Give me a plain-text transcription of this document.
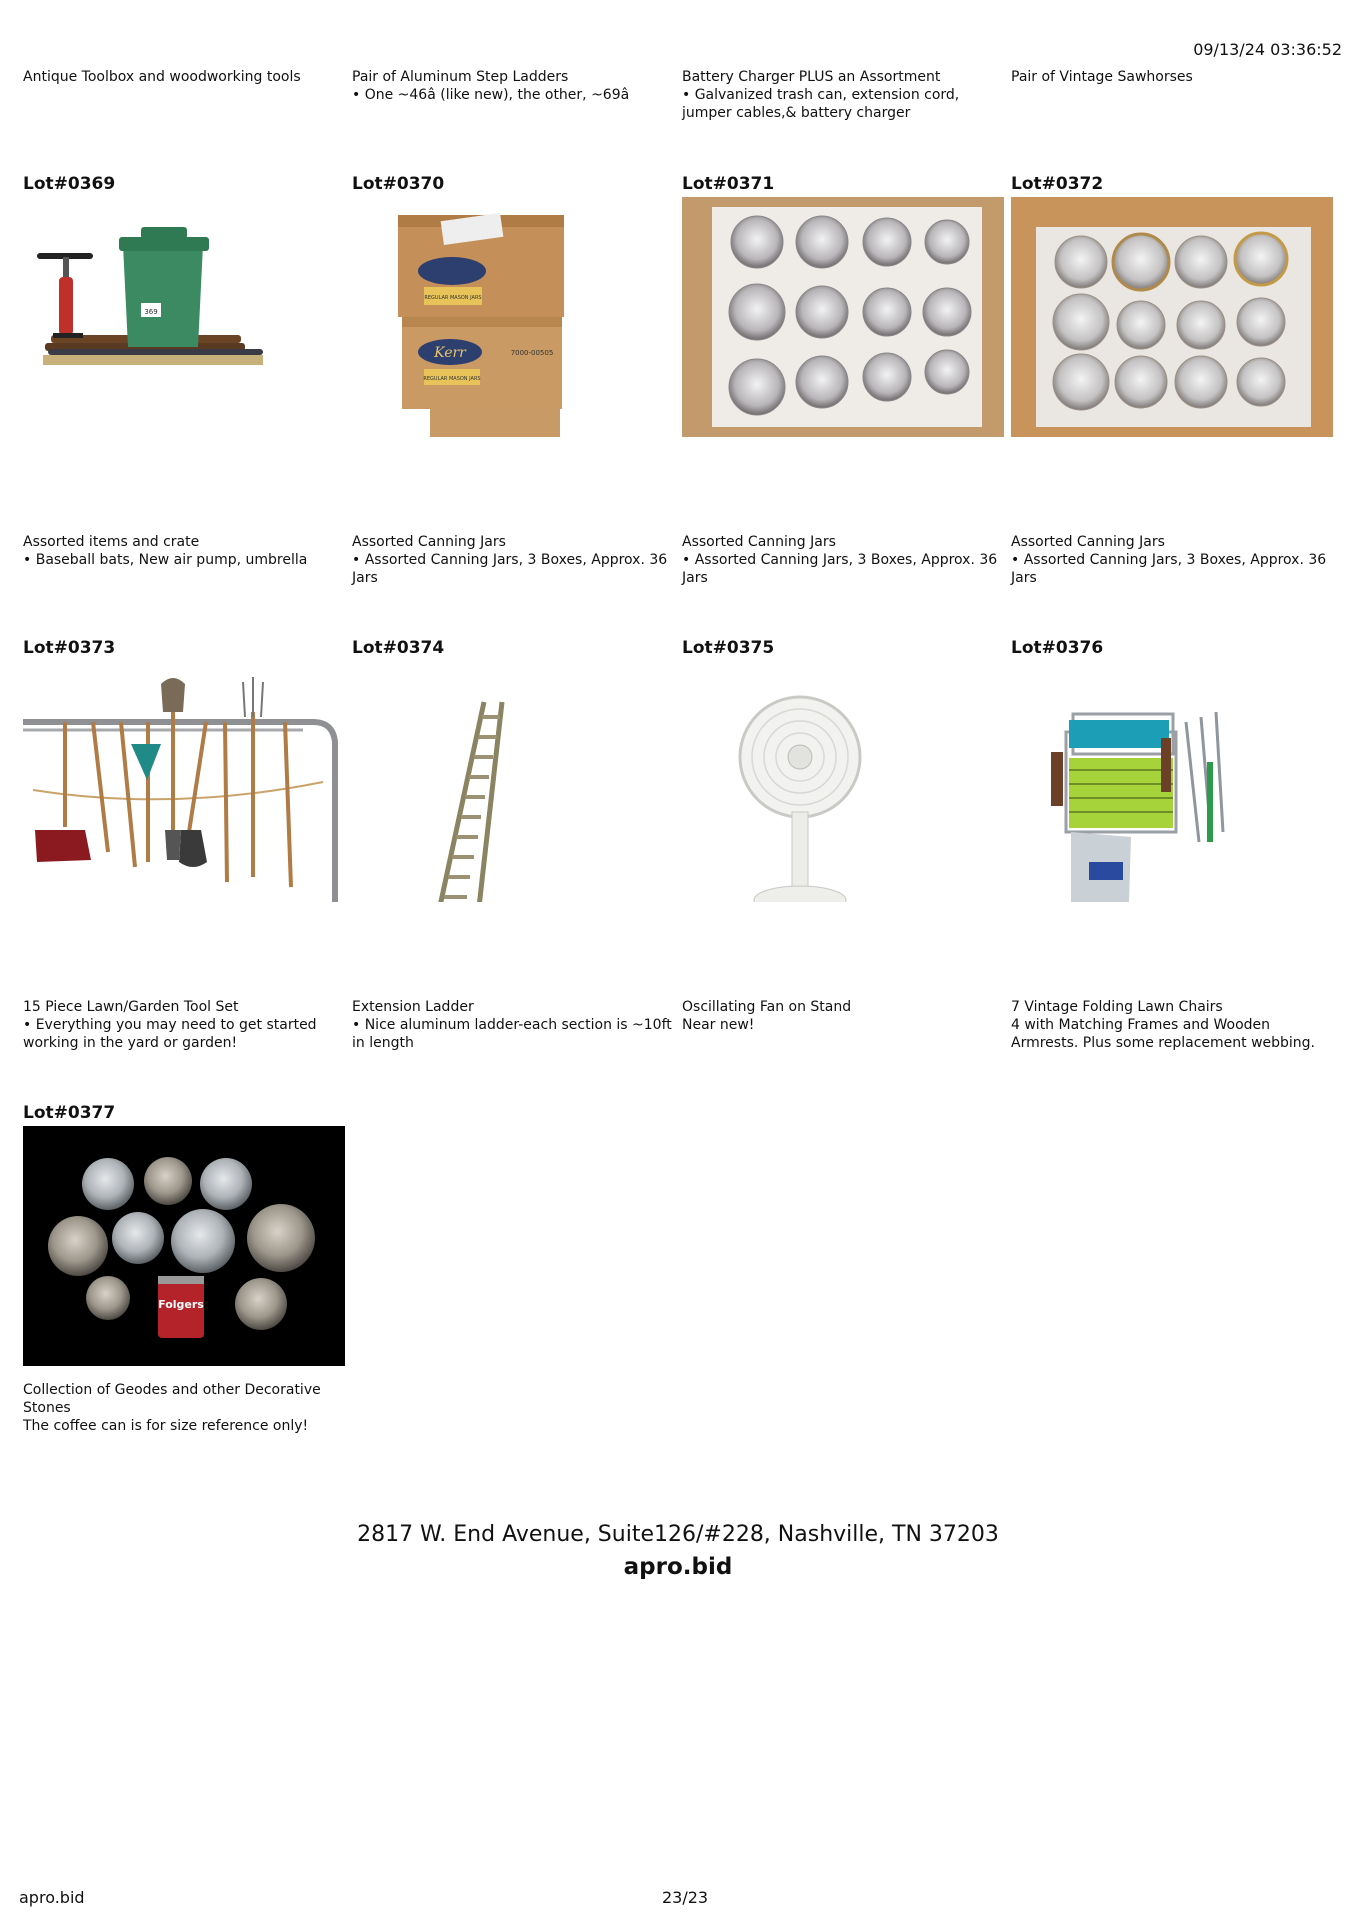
09/13/24 03:36:52
Antique Toolbox and woodworking tools	Pair of Aluminum Step Ladders
• One ~46â (like new), the other, ~69â
Battery Charger PLUS an Assortment
• Galvanized trash can, extension cord, jumper cables,& battery charger
Pair of Vintage Sawhorses
Lot#0369	Lot#0370	Lot#0371	Lot#0372
369
Kerr
REGULAR MASON JARS
7000-00505
REGULAR MASON JARS
Assorted items and crate
• Baseball bats, New air pump, umbrella
Assorted Canning Jars
• Assorted Canning Jars, 3 Boxes, Approx. 36 Jars
Assorted Canning Jars
• Assorted Canning Jars, 3 Boxes, Approx. 36 Jars
Assorted Canning Jars
• Assorted Canning Jars, 3 Boxes, Approx. 36 Jars
Lot#0373	Lot#0374	Lot#0375	Lot#0376
15 Piece Lawn/Garden Tool Set
• Everything you may need to get started working in the yard or garden!
Extension Ladder
• Nice aluminum ladder-each section is ~10ft in length
Oscillating Fan on Stand
Near new!
7 Vintage Folding Lawn Chairs
4 with Matching Frames and Wooden Armrests. Plus some replacement webbing.
Lot#0377
Folgers
Collection of Geodes and other Decorative Stones
The coffee can is for size reference only!
2817 W. End Avenue, Suite126/#228, Nashville, TN 37203
apro.bid
apro.bid	23/23
